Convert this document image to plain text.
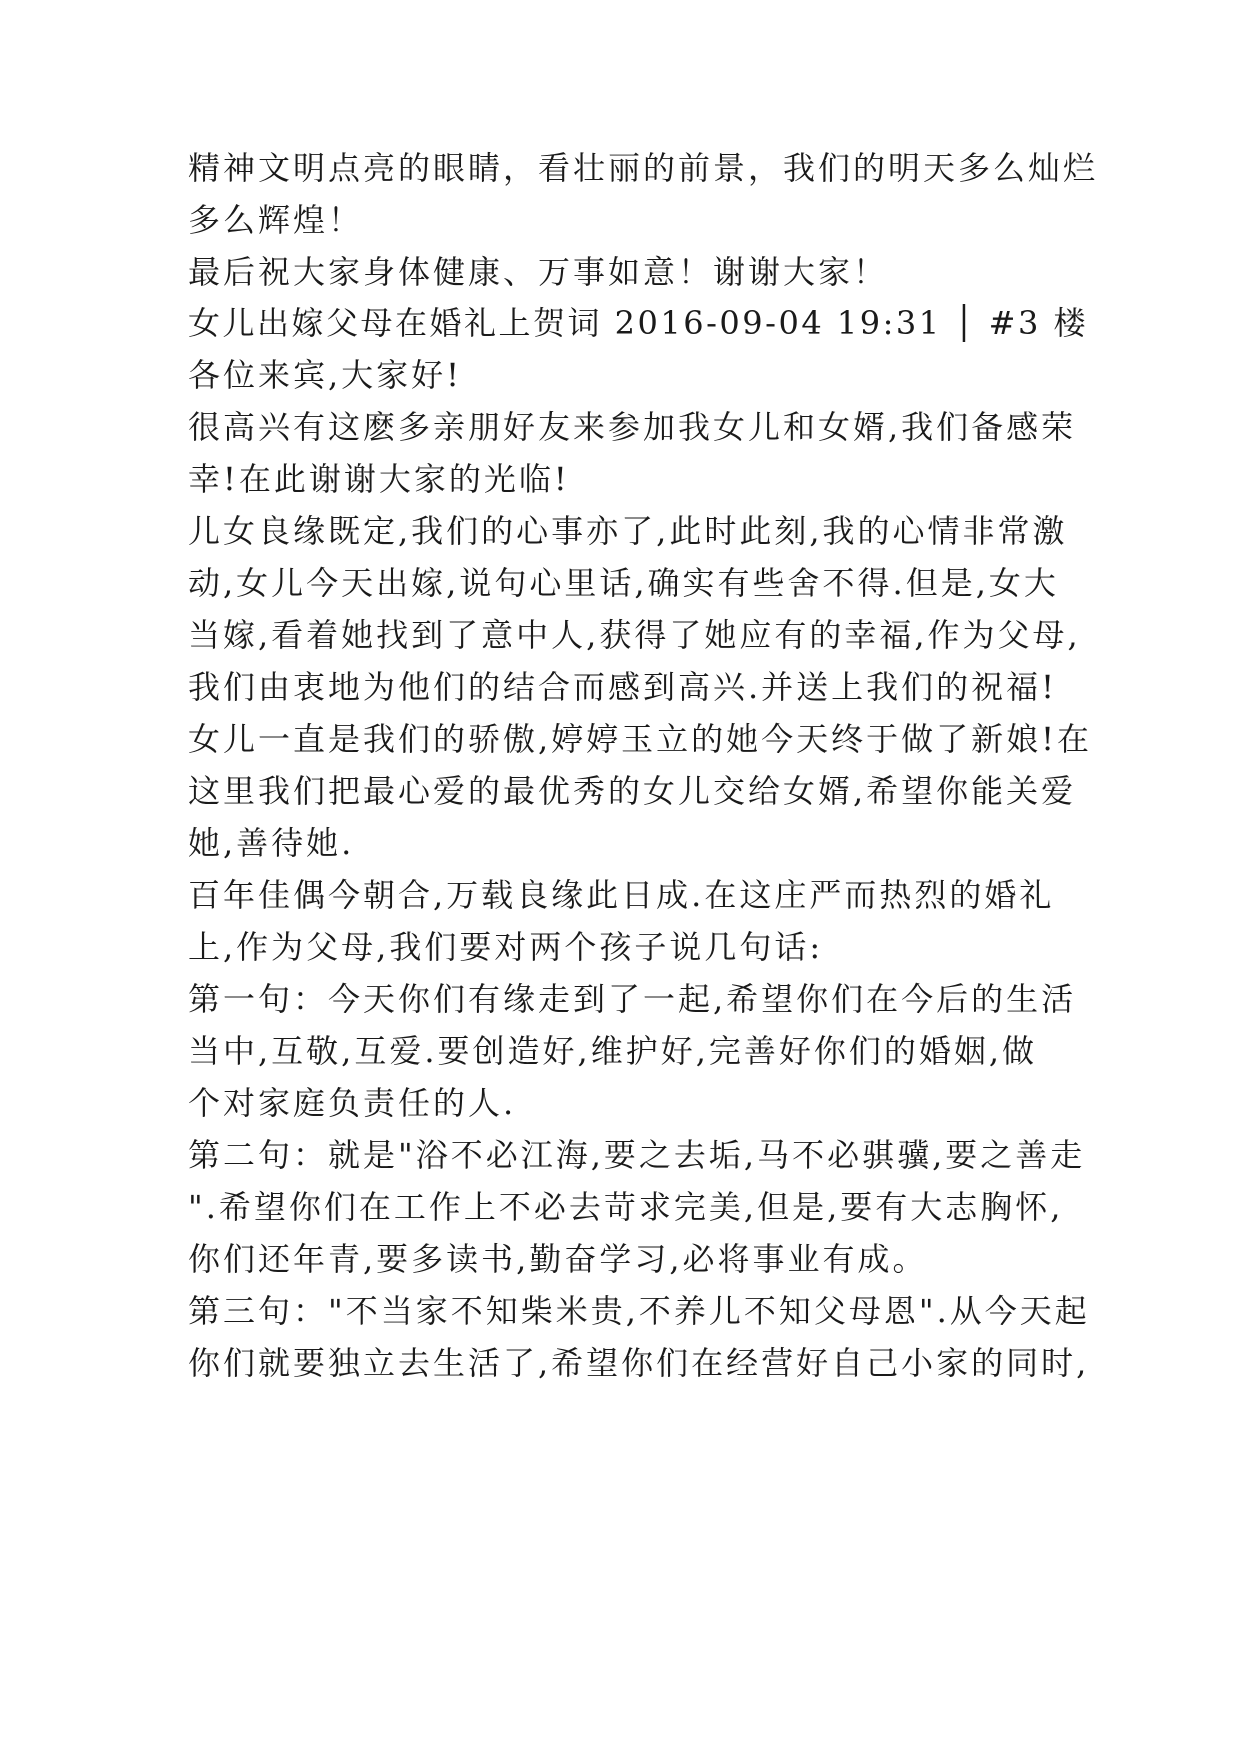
精神文明点亮的眼睛，看壮丽的前景，我们的明天多么灿烂
多么辉煌！
最后祝大家身体健康、万事如意！谢谢大家！
女儿出嫁父母在婚礼上贺词 2016-09-04 19:31 │ #3 楼
各位来宾,大家好!
很高兴有这麽多亲朋好友来参加我女儿和女婿,我们备感荣
幸!在此谢谢大家的光临!
儿女良缘既定,我们的心事亦了,此时此刻,我的心情非常激
动,女儿今天出嫁,说句心里话,确实有些舍不得.但是,女大
当嫁,看着她找到了意中人,获得了她应有的幸福,作为父母,
我们由衷地为他们的结合而感到高兴.并送上我们的祝福!
女儿一直是我们的骄傲,婷婷玉立的她今天终于做了新娘!在
这里我们把最心爱的最优秀的女儿交给女婿,希望你能关爱
她,善待她.
百年佳偶今朝合,万载良缘此日成.在这庄严而热烈的婚礼
上,作为父母,我们要对两个孩子说几句话:
第一句：今天你们有缘走到了一起,希望你们在今后的生活
当中,互敬,互爱.要创造好,维护好,完善好你们的婚姻,做
个对家庭负责任的人.
第二句：就是"浴不必江海,要之去垢,马不必骐骥,要之善走
".希望你们在工作上不必去苛求完美,但是,要有大志胸怀,
你们还年青,要多读书,勤奋学习,必将事业有成。
第三句："不当家不知柴米贵,不养儿不知父母恩".从今天起
你们就要独立去生活了,希望你们在经营好自己小家的同时,
